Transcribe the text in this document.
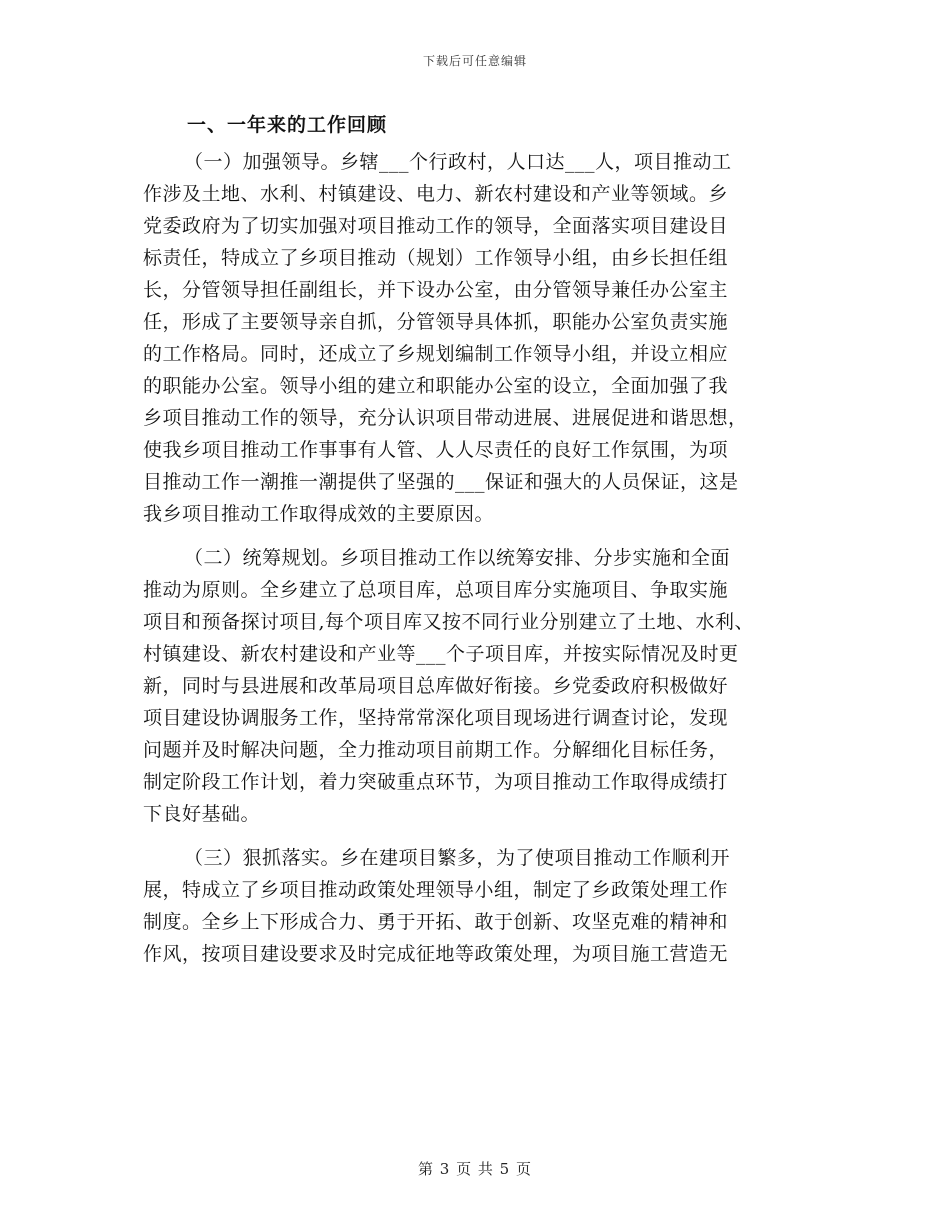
下载后可任意编辑
一、一年来的工作回顾

（一）加强领导。乡辖___个行政村，人口达___人，项目推动工

作涉及土地、水利、村镇建设、电力、新农村建设和产业等领域。乡

党委政府为了切实加强对项目推动工作的领导，全面落实项目建设目

标责任，特成立了乡项目推动（规划）工作领导小组，由乡长担任组

长，分管领导担任副组长，并下设办公室，由分管领导兼任办公室主

任，形成了主要领导亲自抓，分管领导具体抓，职能办公室负责实施

的工作格局。同时，还成立了乡规划编制工作领导小组，并设立相应

的职能办公室。领导小组的建立和职能办公室的设立，全面加强了我

乡项目推动工作的领导，充分认识项目带动进展、进展促进和谐思想，

使我乡项目推动工作事事有人管、人人尽责任的良好工作氛围，为项

目推动工作一潮推一潮提供了坚强的___保证和强大的人员保证，这是

我乡项目推动工作取得成效的主要原因。

（二）统筹规划。乡项目推动工作以统筹安排、分步实施和全面

推动为原则。全乡建立了总项目库，总项目库分实施项目、争取实施

项目和预备探讨项目,每个项目库又按不同行业分别建立了土地、水利、

村镇建设、新农村建设和产业等___个子项目库，并按实际情况及时更

新，同时与县进展和改革局项目总库做好衔接。乡党委政府积极做好

项目建设协调服务工作，坚持常常深化项目现场进行调查讨论，发现

问题并及时解决问题，全力推动项目前期工作。分解细化目标任务，

制定阶段工作计划，着力突破重点环节，为项目推动工作取得成绩打

下良好基础。

（三）狠抓落实。乡在建项目繁多，为了使项目推动工作顺利开

展，特成立了乡项目推动政策处理领导小组，制定了乡政策处理工作

制度。全乡上下形成合力、勇于开拓、敢于创新、攻坚克难的精神和

作风，按项目建设要求及时完成征地等政策处理，为项目施工营造无

第 3 页 共 5 页
